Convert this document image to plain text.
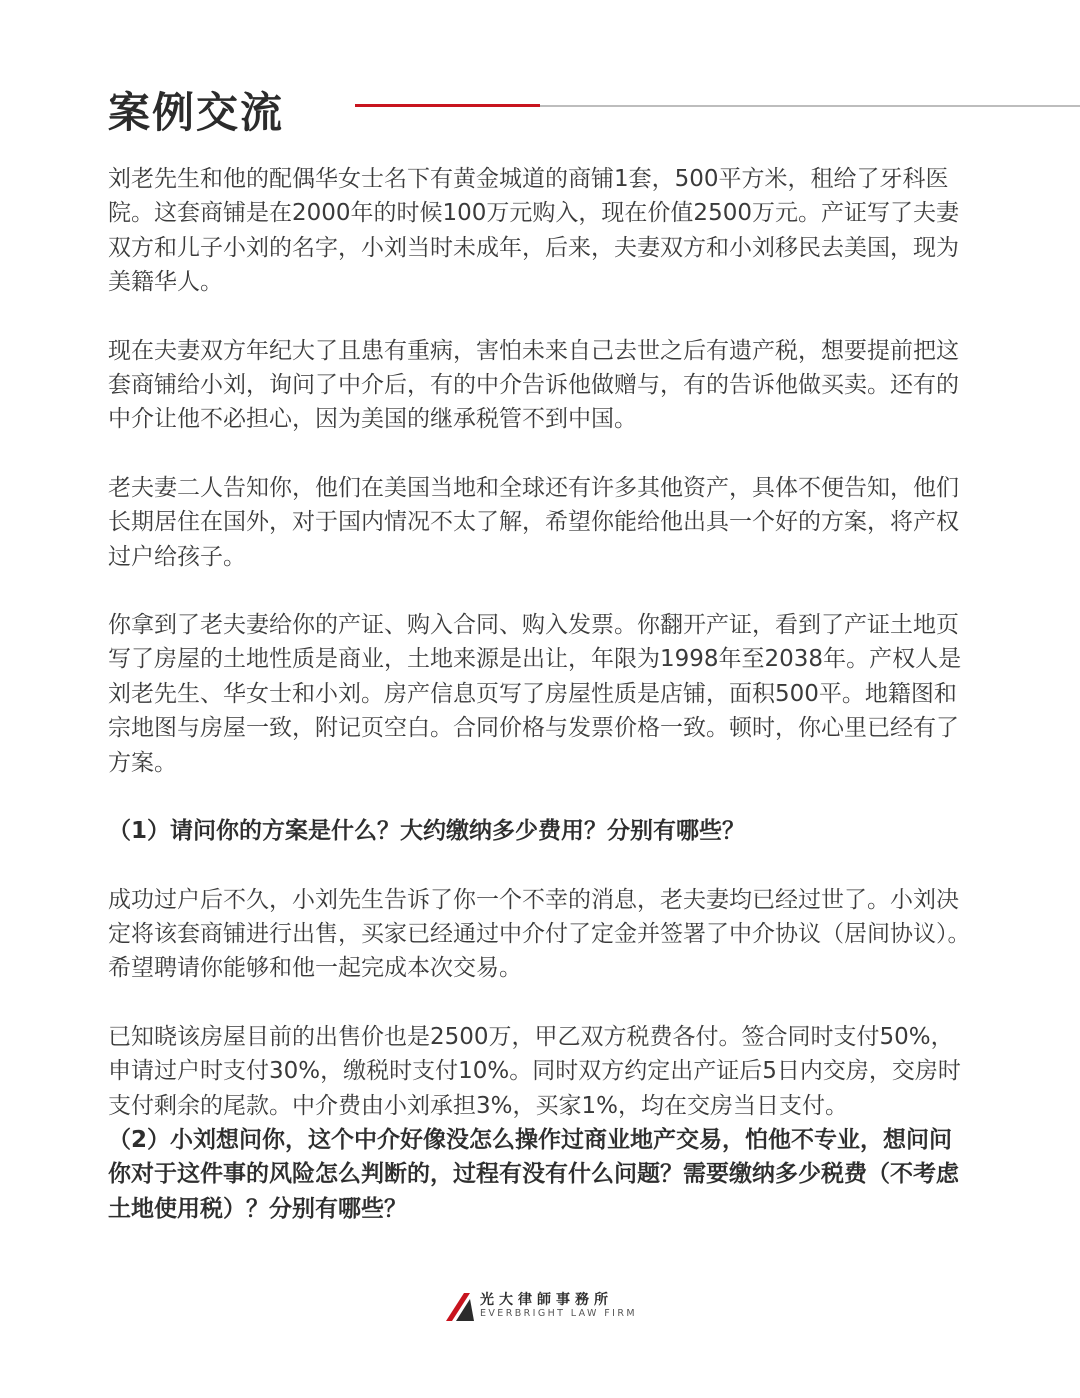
案例交流

刘老先生和他的配偶华女士名下有黄金城道的商铺1套，500平方米，租给了牙科医院。这套商铺是在2000年的时候100万元购入，现在价值2500万元。产证写了夫妻双方和儿子小刘的名字，小刘当时未成年，后来，夫妻双方和小刘移民去美国，现为美籍华人。

现在夫妻双方年纪大了且患有重病，害怕未来自己去世之后有遗产税，想要提前把这套商铺给小刘，询问了中介后，有的中介告诉他做赠与，有的告诉他做买卖。还有的中介让他不必担心，因为美国的继承税管不到中国。

老夫妻二人告知你，他们在美国当地和全球还有许多其他资产，具体不便告知，他们长期居住在国外，对于国内情况不太了解，希望你能给他出具一个好的方案，将产权过户给孩子。

你拿到了老夫妻给你的产证、购入合同、购入发票。你翻开产证，看到了产证土地页写了房屋的土地性质是商业，土地来源是出让，年限为1998年至2038年。产权人是刘老先生、华女士和小刘。房产信息页写了房屋性质是店铺，面积500平。地籍图和宗地图与房屋一致，附记页空白。合同价格与发票价格一致。顿时，你心里已经有了方案。

（1）请问你的方案是什么？大约缴纳多少费用？分别有哪些？

成功过户后不久，小刘先生告诉了你一个不幸的消息，老夫妻均已经过世了。小刘决定将该套商铺进行出售，买家已经通过中介付了定金并签署了中介协议（居间协议）。希望聘请你能够和他一起完成本次交易。

已知晓该房屋目前的出售价也是2500万，甲乙双方税费各付。签合同时支付50%，申请过户时支付30%，缴税时支付10%。同时双方约定出产证后5日内交房，交房时支付剩余的尾款。中介费由小刘承担3%，买家1%，均在交房当日支付。

（2）小刘想问你，这个中介好像没怎么操作过商业地产交易，怕他不专业，想问问你对于这件事的风险怎么判断的，过程有没有什么问题？需要缴纳多少税费（不考虑土地使用税）？分别有哪些？

光大律師事務所
EVERBRIGHT LAW FIRM
